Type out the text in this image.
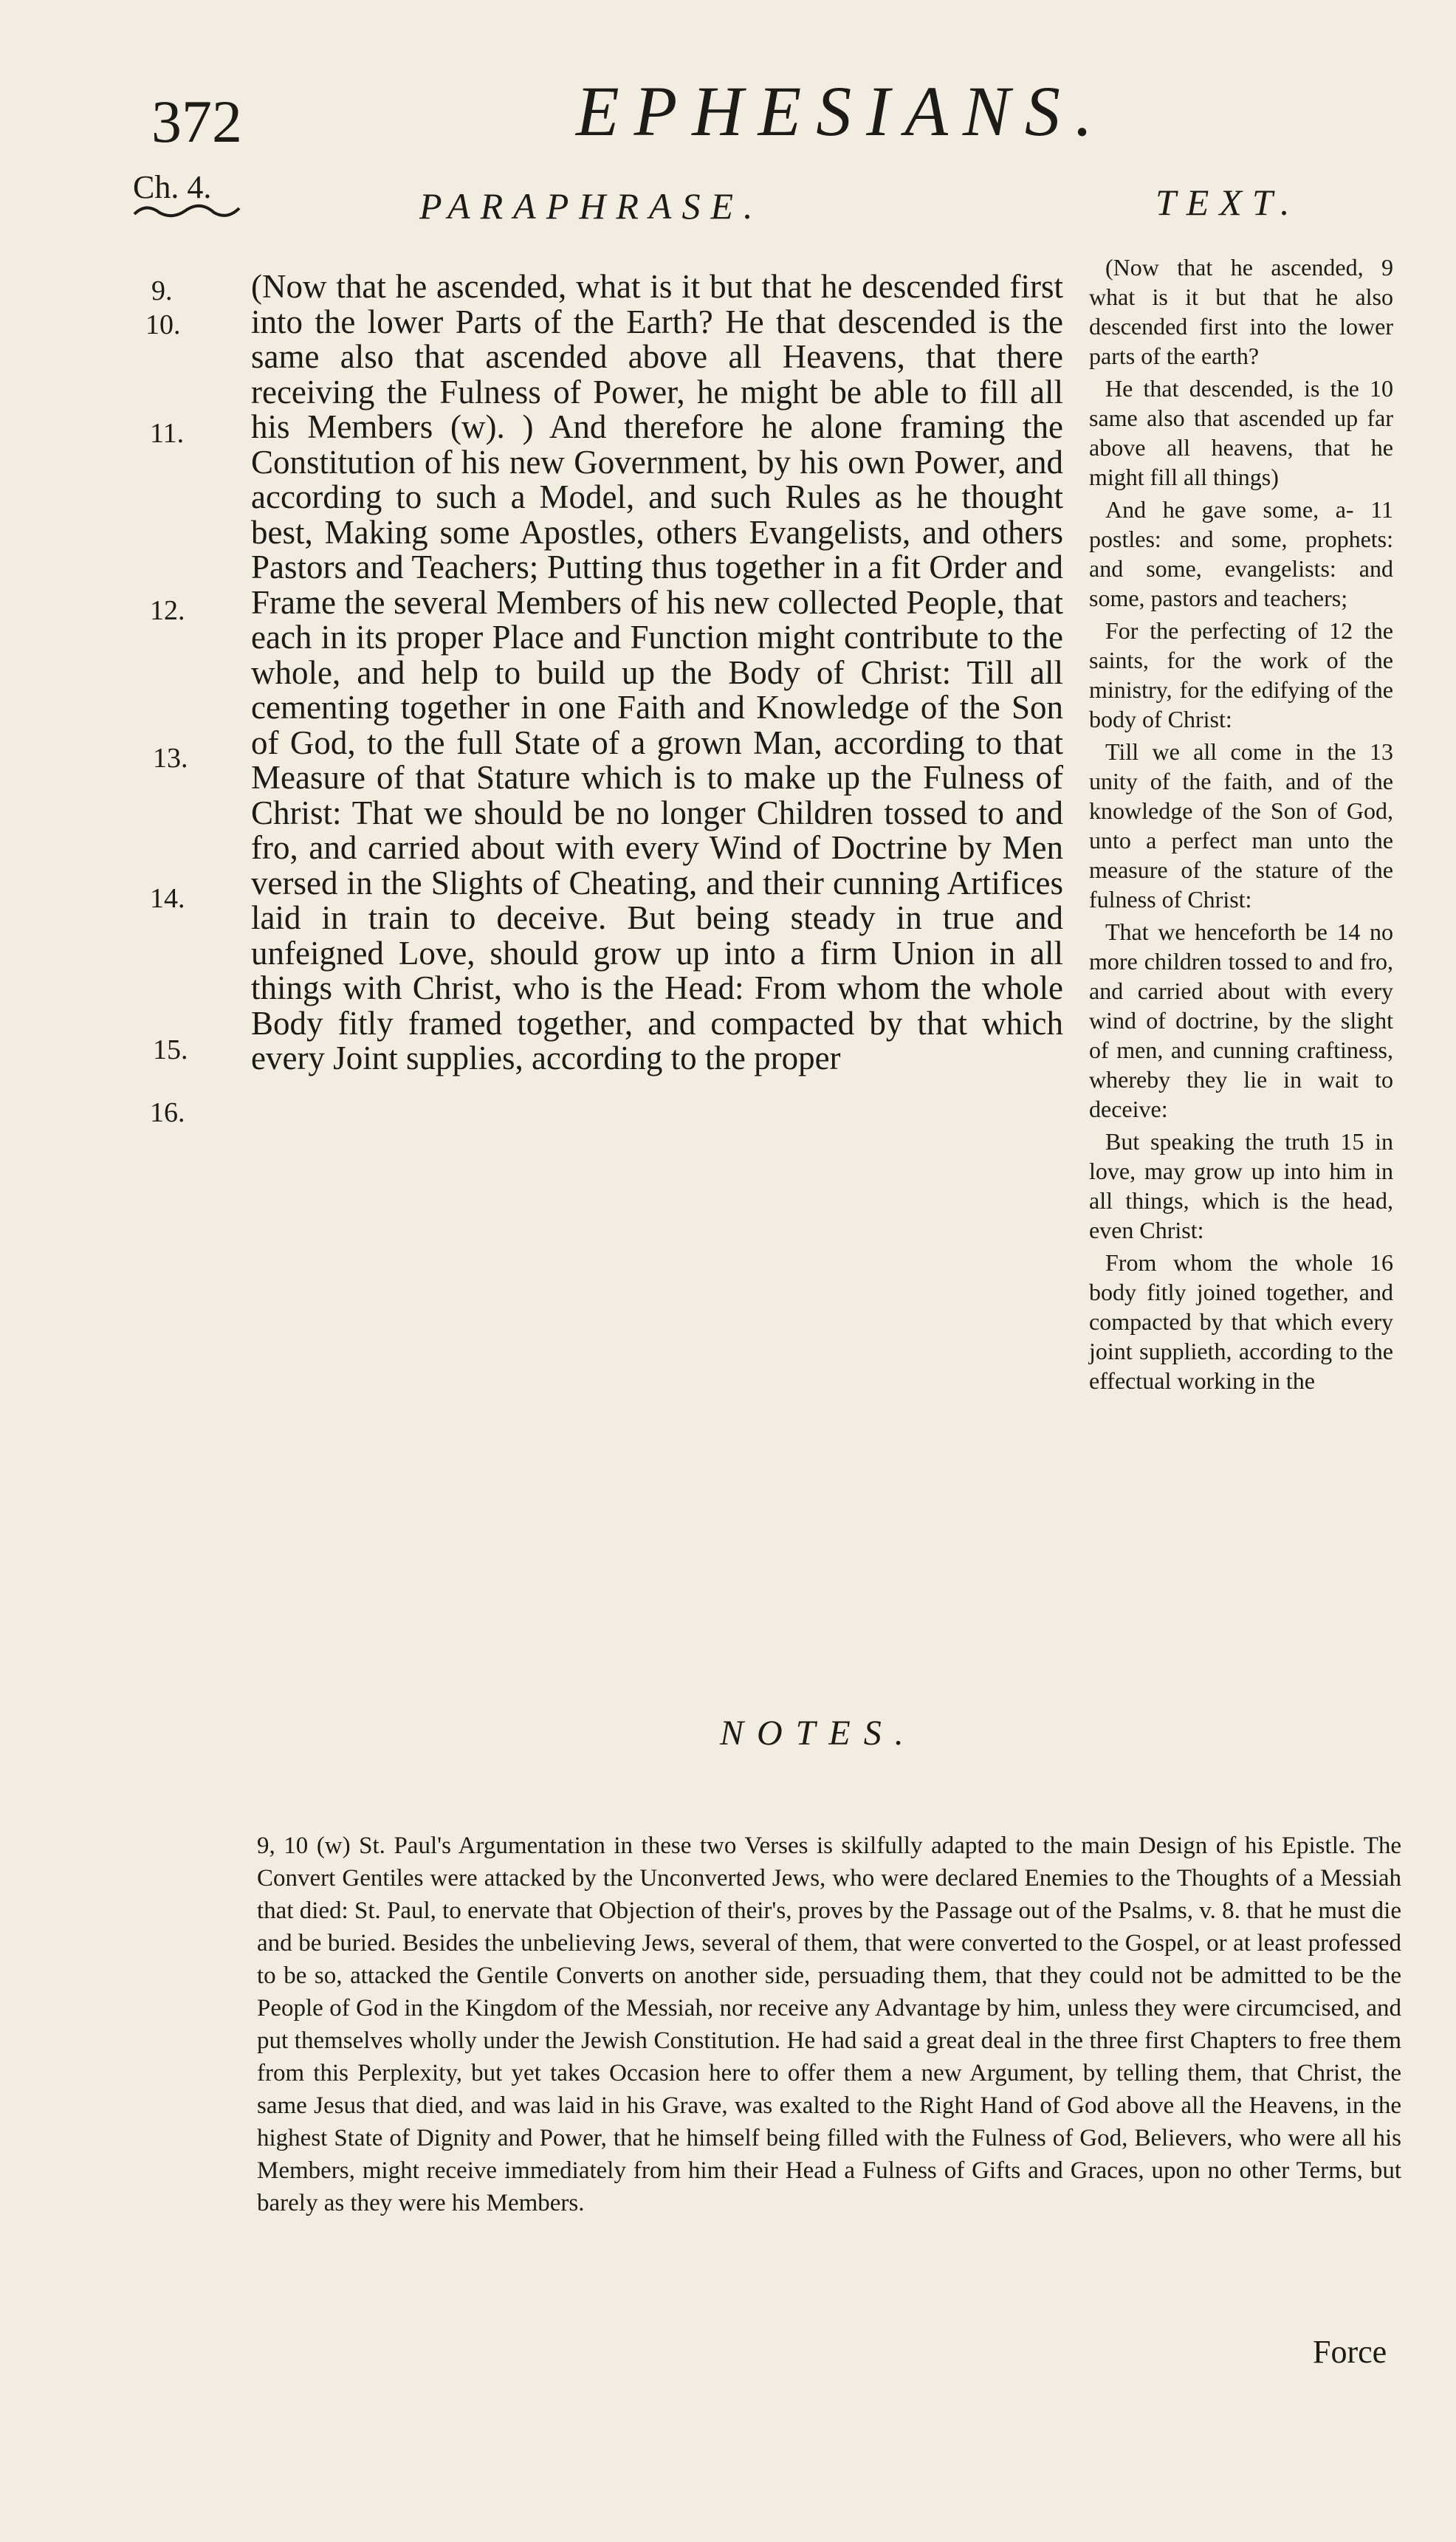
372	EPHESIANS.
Ch. 4.	PARAPHRASE.	TEXT.
9.
10.
11.
12.
13.
14.
15.
16.

(Now that he ascended, what is it but that he descended first into the lower Parts of the Earth? He that descended is the same also that ascended above all Heavens, that there receiving the Fulness of Power, he might be able to fill all his Members (w). ) And therefore he alone framing the Constitution of his new Government, by his own Power, and according to such a Model, and such Rules as he thought best, Making some Apostles, others Evangelists, and others Pastors and Teachers; Putting thus together in a fit Order and Frame the several Members of his new collected People, that each in its proper Place and Function might contribute to the whole, and help to build up the Body of Christ: Till all cementing together in one Faith and Knowledge of the Son of God, to the full State of a grown Man, according to that Measure of that Stature which is to make up the Fulness of Christ: That we should be no longer Children tossed to and fro, and carried about with every Wind of Doctrine by Men versed in the Slights of Cheating, and their cunning Artifices laid in train to deceive. But being steady in true and unfeigned Love, should grow up into a firm Union in all things with Christ, who is the Head: From whom the whole Body fitly framed together, and compacted by that which every Joint supplies, according to the proper

(Now that he ascended, 9 what is it but that he also descended first into the lower parts of the earth?

He that descended, is the 10 same also that ascended up far above all heavens, that he might fill all things)

And he gave some, a- 11 postles: and some, prophets: and some, evangelists: and some, pastors and teachers;

For the perfecting of 12 the saints, for the work of the ministry, for the edifying of the body of Christ:

Till we all come in the 13 unity of the faith, and of the knowledge of the Son of God, unto a perfect man unto the measure of the stature of the fulness of Christ:

That we henceforth be 14 no more children tossed to and fro, and carried about with every wind of doctrine, by the slight of men, and cunning craftiness, whereby they lie in wait to deceive:

But speaking the truth 15 in love, may grow up into him in all things, which is the head, even Christ:

From whom the whole 16 body fitly joined together, and compacted by that which every joint supplieth, according to the effectual working in the

NOTES.

9, 10 (w) St. Paul's Argumentation in these two Verses is skilfully adapted to the main Design of his Epistle. The Convert Gentiles were attacked by the Unconverted Jews, who were declared Enemies to the Thoughts of a Messiah that died: St. Paul, to enervate that Objection of their's, proves by the Passage out of the Psalms, v. 8. that he must die and be buried. Besides the unbelieving Jews, several of them, that were converted to the Gospel, or at least professed to be so, attacked the Gentile Converts on another side, persuading them, that they could not be admitted to be the People of God in the Kingdom of the Messiah, nor receive any Advantage by him, unless they were circumcised, and put themselves wholly under the Jewish Constitution. He had said a great deal in the three first Chapters to free them from this Perplexity, but yet takes Occasion here to offer them a new Argument, by telling them, that Christ, the same Jesus that died, and was laid in his Grave, was exalted to the Right Hand of God above all the Heavens, in the highest State of Dignity and Power, that he himself being filled with the Fulness of God, Believers, who were all his Members, might receive immediately from him their Head a Fulness of Gifts and Graces, upon no other Terms, but barely as they were his Members.

Force
